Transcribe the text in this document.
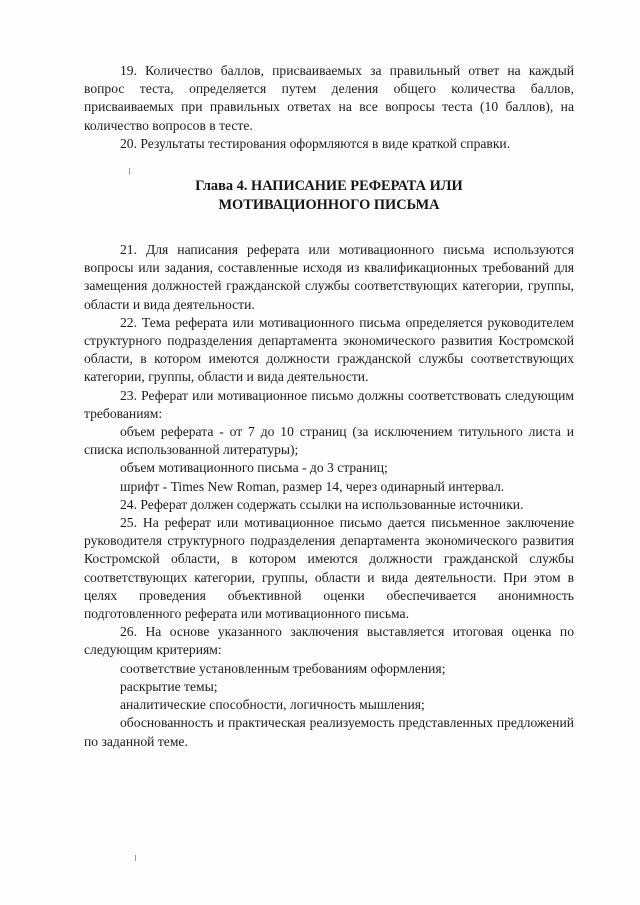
19. Количество баллов, присваиваемых за правильный ответ на каждый вопрос теста, определяется путем деления общего количества баллов, присваиваемых при правильных ответах на все вопросы теста (10 баллов), на количество вопросов в тесте.

20. Результаты тестирования оформляются в виде краткой справки.

Глава 4. НАПИСАНИЕ РЕФЕРАТА ИЛИ
МОТИВАЦИОННОГО ПИСЬМА

21. Для написания реферата или мотивационного письма используются вопросы или задания, составленные исходя из квалификационных требований для замещения должностей гражданской службы соответствующих категории, группы, области и вида деятельности.

22. Тема реферата или мотивационного письма определяется руководителем структурного подразделения департамента экономического развития Костромской области, в котором имеются должности гражданской службы соответствующих категории, группы, области и вида деятельности.

23. Реферат или мотивационное письмо должны соответствовать следующим требованиям:

объем реферата - от 7 до 10 страниц (за исключением титульного листа и списка использованной литературы);

объем мотивационного письма - до 3 страниц;

шрифт - Times New Roman, размер 14, через одинарный интервал.

24. Реферат должен содержать ссылки на использованные источники.

25. На реферат или мотивационное письмо дается письменное заключение руководителя структурного подразделения департамента экономического развития Костромской области, в котором имеются должности гражданской службы соответствующих категории, группы, области и вида деятельности. При этом в целях проведения объективной оценки обеспечивается анонимность подготовленного реферата или мотивационного письма.

26. На основе указанного заключения выставляется итоговая оценка по следующим критериям:

соответствие установленным требованиям оформления;

раскрытие темы;

аналитические способности, логичность мышления;

обоснованность и практическая реализуемость представленных предложений по заданной теме.
